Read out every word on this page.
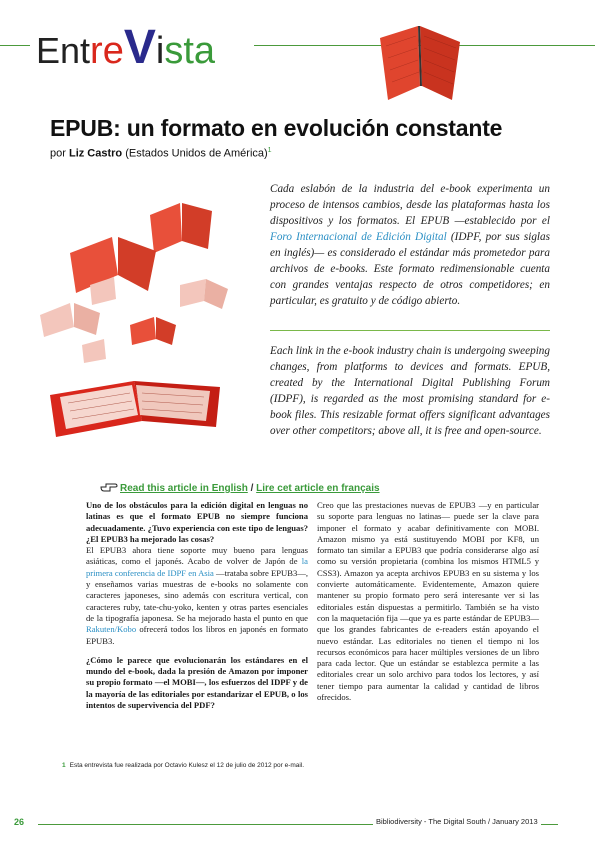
EntreVista
EPUB: un formato en evolución constante
por Liz Castro (Estados Unidos de América)$^1$
Cada eslabón de la industria del e-book experimenta un proceso de intensos cambios, desde las plataformas hasta los dispositivos y los formatos. El EPUB —establecido por el Foro Internacional de Edición Digital (IDPF, por sus siglas en inglés)— es considerado el estándar más prometedor para archivos de e-books. Este formato redimensionable cuenta con grandes ventajas respecto de otros competidores; en particular, es gratuito y de código abierto.
Each link in the e-book industry chain is undergoing sweeping changes, from platforms to devices and formats. EPUB, created by the International Digital Publishing Forum (IDPF), is regarded as the most promising standard for e-book files. This resizable format offers significant advantages over other competitors; above all, it is free and open-source.
Read this article in English / Lire cet article en français

Uno de los obstáculos para la edición digital en lenguas no latinas es que el formato EPUB no siempre funciona adecuadamente. ¿Tuvo experiencia con este tipo de lenguas? ¿El EPUB3 ha mejorado las cosas?

El EPUB3 ahora tiene soporte muy bueno para lenguas asiáticas, como el japonés. Acabo de volver de Japón de la primera conferencia de IDPF en Asia —trataba sobre EPUB3—, y enseñamos varias muestras de e-books no solamente con caracteres japoneses, sino además con escritura vertical, con caracteres ruby, tate-chu-yoko, kenten y otras partes esenciales de la tipografía japonesa. Se ha mejorado hasta el punto en que Rakuten/Kobo ofrecerá todos los libros en japonés en formato EPUB3.

¿Cómo le parece que evolucionarán los estándares en el mundo del e-book, dada la presión de Amazon por imponer su propio formato —el MOBI—, los esfuerzos del IDPF y de la mayoría de las editoriales por estandarizar el EPUB, o los intentos de supervivencia del PDF?

Creo que las prestaciones nuevas de EPUB3 —y en particular su soporte para lenguas no latinas— puede ser la clave para imponer el formato y acabar definitivamente con MOBI. Amazon mismo ya está sustituyendo MOBI por KF8, un formato tan similar a EPUB3 que podría considerarse algo así como su versión propietaria (combina los mismos HTML5 y CSS3). Amazon ya acepta archivos EPUB3 en su sistema y los convierte automáticamente. Evidentemente, Amazon quiere mantener su propio formato pero será interesante ver si las editoriales están dispuestas a permitirlo. También se ha visto con la maquetación fija —que ya es parte estándar de EPUB3— que los grandes fabricantes de e-readers están apoyando el nuevo estándar. Las editoriales no tienen el tiempo ni los recursos económicos para hacer múltiples versiones de un libro para cada lector. Que un estándar se establezca permite a las editoriales crear un solo archivo para todos los lectores, y así tener tiempo para aumentar la calidad y cantidad de libros ofrecidos.

1 Esta entrevista fue realizada por Octavio Kulesz el 12 de julio de 2012 por e-mail.
26	Bibliodiversity - The Digital South / January 2013
